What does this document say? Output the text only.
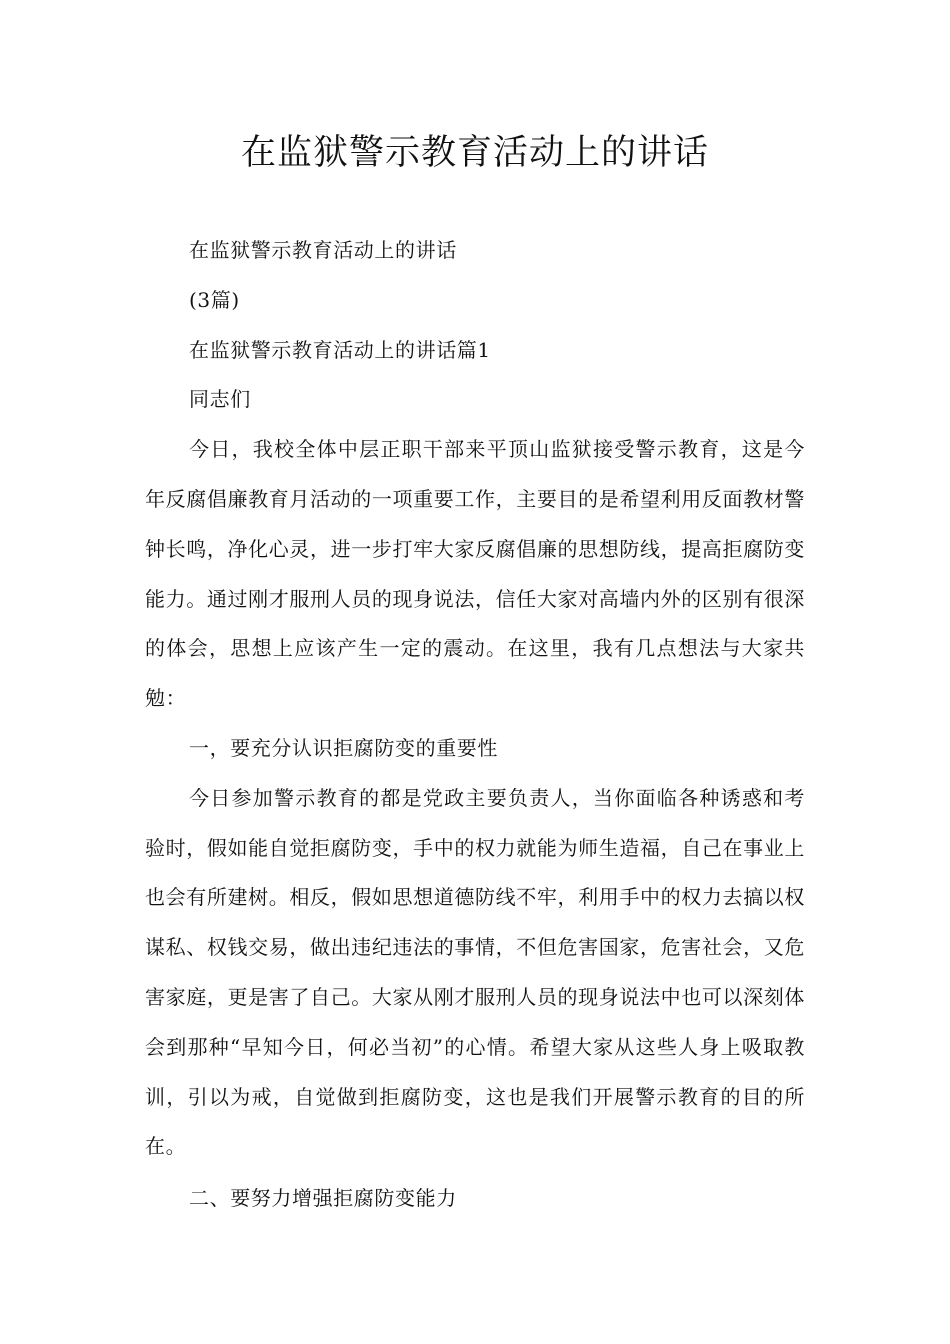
在监狱警示教育活动上的讲话

在监狱警示教育活动上的讲话

(3篇)

在监狱警示教育活动上的讲话篇1

同志们

今日，我校全体中层正职干部来平顶山监狱接受警示教育，这是今年反腐倡廉教育月活动的一项重要工作，主要目的是希望利用反面教材警钟长鸣，净化心灵，进一步打牢大家反腐倡廉的思想防线，提高拒腐防变能力。通过刚才服刑人员的现身说法，信任大家对高墙内外的区别有很深的体会，思想上应该产生一定的震动。在这里，我有几点想法与大家共勉：

一，要充分认识拒腐防变的重要性

今日参加警示教育的都是党政主要负责人，当你面临各种诱惑和考验时，假如能自觉拒腐防变，手中的权力就能为师生造福，自己在事业上也会有所建树。相反，假如思想道德防线不牢，利用手中的权力去搞以权谋私、权钱交易，做出违纪违法的事情，不但危害国家，危害社会，又危害家庭，更是害了自己。大家从刚才服刑人员的现身说法中也可以深刻体会到那种“早知今日，何必当初”的心情。希望大家从这些人身上吸取教训，引以为戒，自觉做到拒腐防变，这也是我们开展警示教育的目的所在。

二、要努力增强拒腐防变能力
